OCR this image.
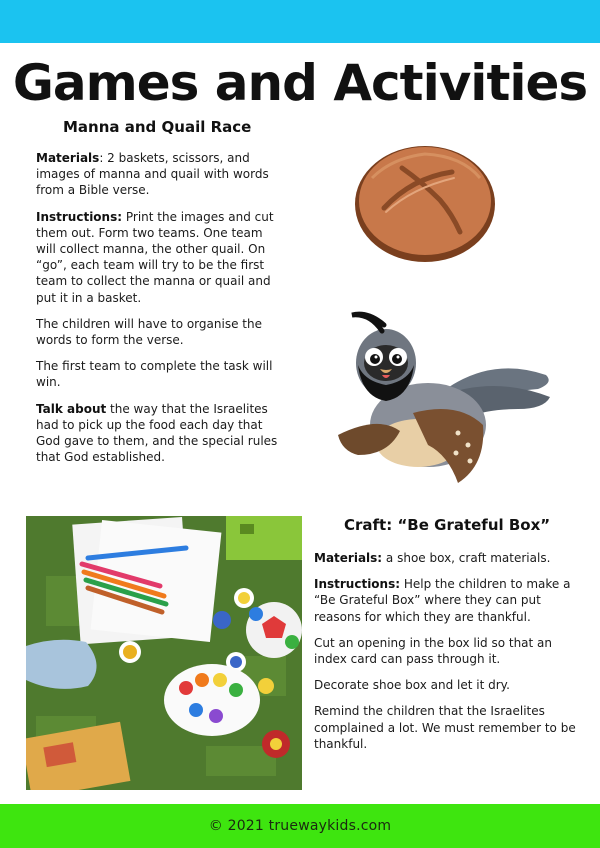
Games and Activities
Manna and Quail Race

Materials: 2 baskets, scissors, and images of manna and quail with words from a Bible verse.

Instructions: Print the images and cut them out. Form two teams. One team will collect manna, the other quail. On “go”, each team will try to be the first team to collect the manna or quail and put it in a basket.

The children will have to organise the words to form the verse.

The first team to complete the task will win.

Talk about the way that the Israelites had to pick up the food each day that God gave to them, and the special rules that God established.

Craft: “Be Grateful Box”

Materials: a shoe box, craft materials.

Instructions: Help the children to make a “Be Grateful Box” where they can put reasons for which they are thankful.

Cut an opening in the box lid so that an index card can pass through it.

Decorate shoe box and let it dry.

Remind the children that the Israelites complained a lot. We must remember to be thankful.

© 2021 truewaykids.com
